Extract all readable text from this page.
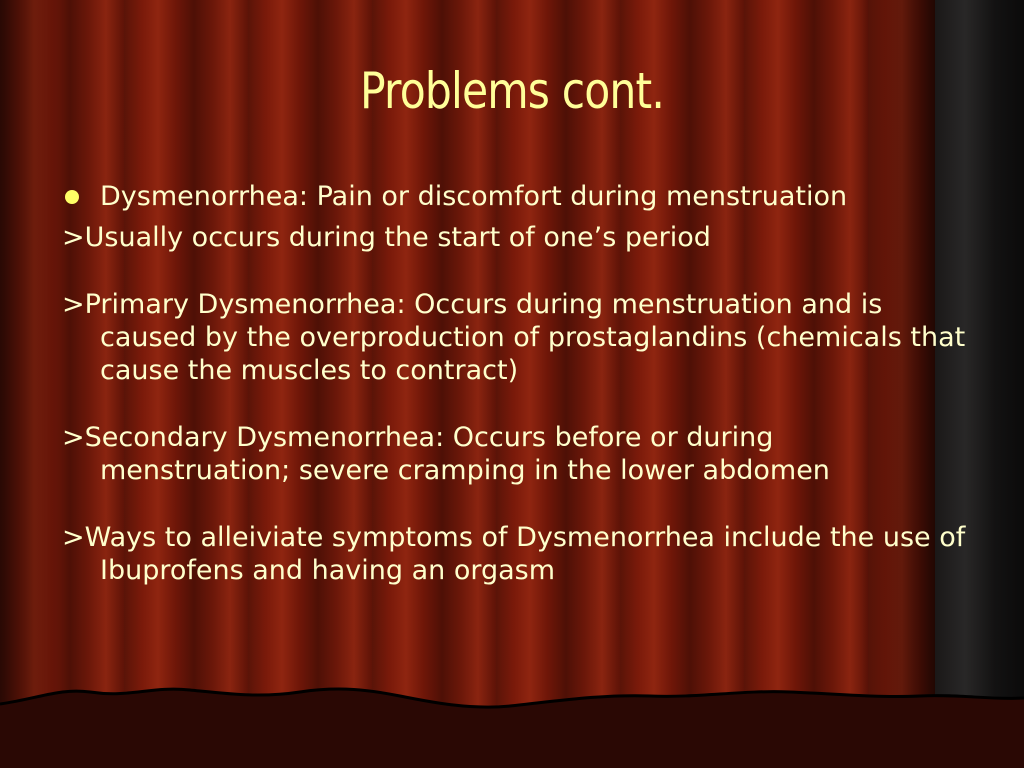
Problems cont.
Dysmenorrhea: Pain or discomfort during menstruation
>Usually occurs during the start of one’s period
>Primary Dysmenorrhea: Occurs during menstruation and is caused by the overproduction of prostaglandins (chemicals that cause the muscles to contract)
>Secondary Dysmenorrhea: Occurs before or during menstruation; severe cramping in the lower abdomen
>Ways to alleiviate symptoms of Dysmenorrhea include the use of Ibuprofens and having an orgasm
